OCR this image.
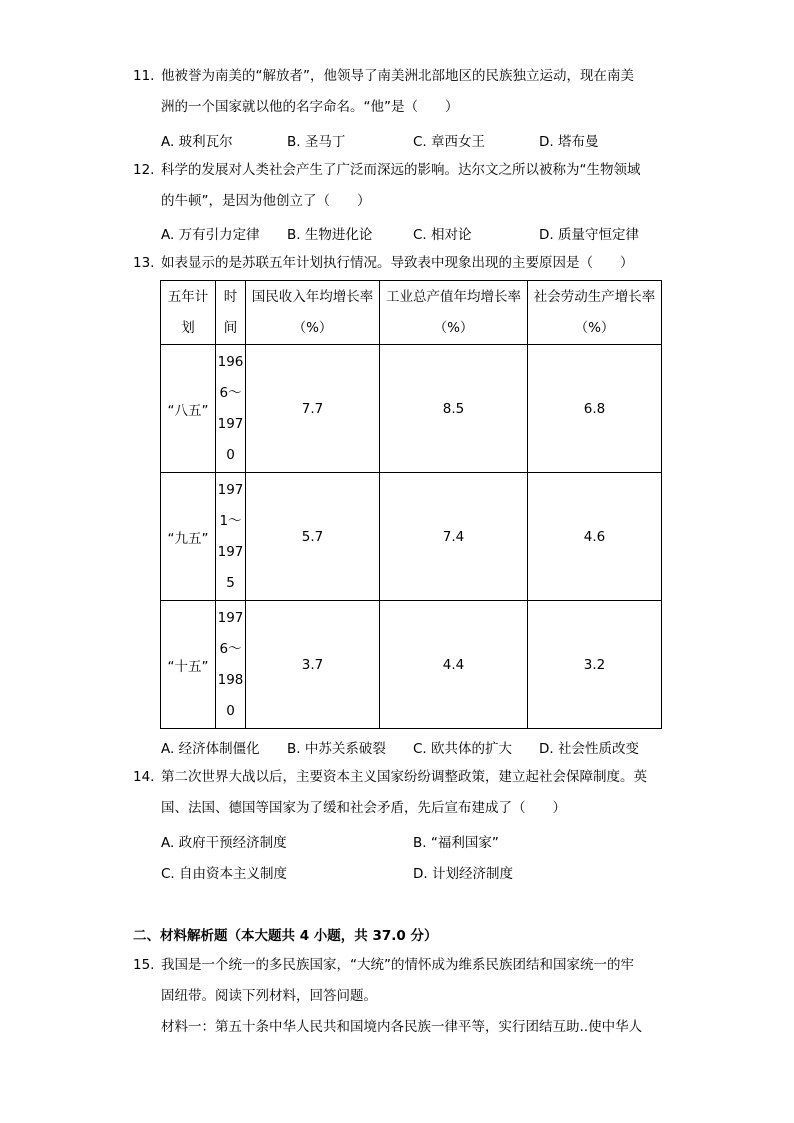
11. 他被誉为南美的“解放者”，他领导了南美洲北部地区的民族独立运动，现在南美
洲的一个国家就以他的名字命名。“他”是（　　）
A. 玻利瓦尔	B. 圣马丁	C. 章西女王	D. 塔布曼
12. 科学的发展对人类社会产生了广泛而深远的影响。达尔文之所以被称为“生物领域
的牛顿”，是因为他创立了（　　）
A. 万有引力定律 B. 生物进化论	C. 相对论	D. 质量守恒定律
13. 如表显示的是苏联五年计划执行情况。导致表中现象出现的主要原因是（　　）
五年计
划	时
间	国民收入年均增长率
（%）	工业总产值年均增长率
（%）	社会劳动生产增长率
（%）

“八五”	196
6～
197
0	7.7	8.5	6.8
“九五”	197
1～
197
5	5.7	7.4	4.6
“十五”	197
6～
198
0	3.7	4.4	3.2
A. 经济体制僵化 B. 中苏关系破裂 C. 欧共体的扩大 D. 社会性质改变
14. 第二次世界大战以后，主要资本主义国家纷纷调整政策，建立起社会保障制度。英
国、法国、德国等国家为了缓和社会矛盾，先后宣布建成了（　　）
A. 政府干预经济制度	B. “福利国家”
C. 自由资本主义制度	D. 计划经济制度
二、材料解析题（本大题共 4 小题，共 37.0 分）
15. 我国是一个统一的多民族国家，“大统”的情怀成为维系民族团结和国家统一的牢
固纽带。阅读下列材料，回答问题。
材料一：第五十条中华人民共和国境内各民族一律平等，实行团结互助..使中华人
